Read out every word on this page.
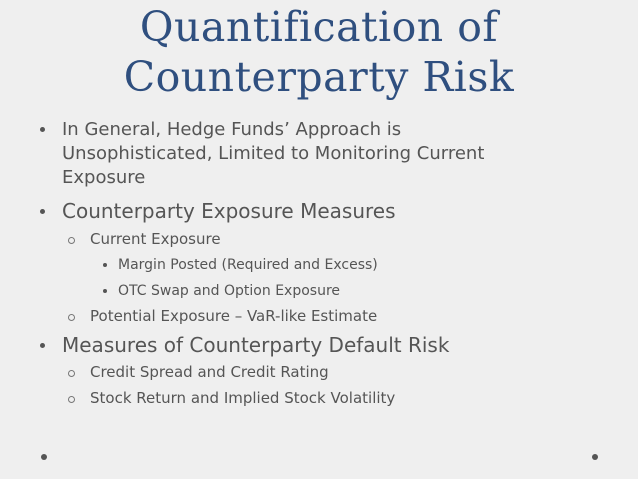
Quantification of
Counterparty Risk
In General, Hedge Funds’ Approach is
Unsophisticated, Limited to Monitoring Current
Exposure
Counterparty Exposure Measures
Current Exposure
Margin Posted (Required and Excess)
OTC Swap and Option Exposure
Potential Exposure – VaR-like Estimate
Measures of Counterparty Default Risk
Credit Spread and Credit Rating
Stock Return and Implied Stock Volatility
